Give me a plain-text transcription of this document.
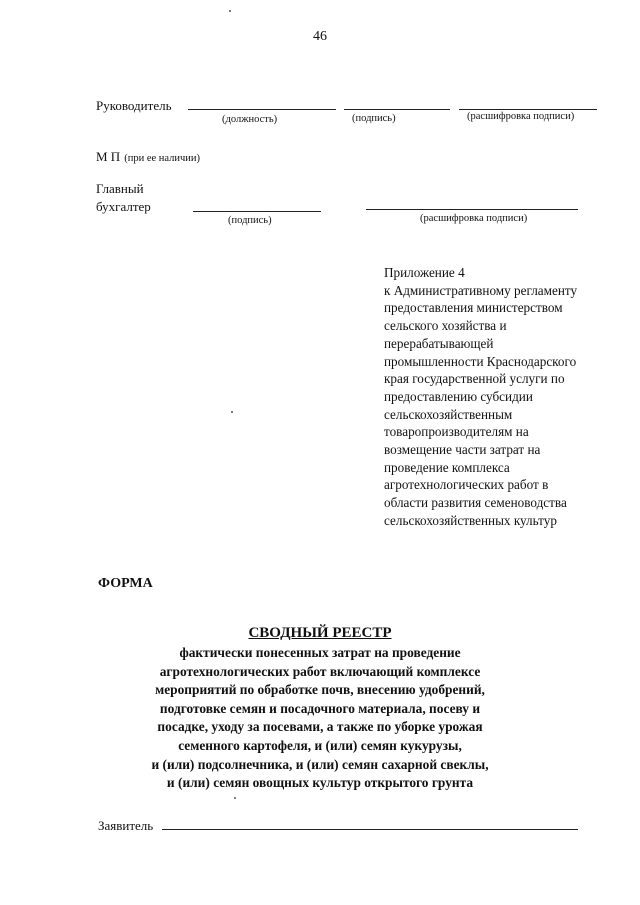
46
Руководитель
(должность)	(подпись)	(расшифровка подписи)
М П (при ее наличии)
Главный
бухгалтер
(подпись)	(расшифровка подписи)
Приложение 4
к Административному регламенту
предоставления министерством
сельского хозяйства и
перерабатывающей
промышленности Краснодарского
края государственной услуги по
предоставлению субсидии
сельскохозяйственным
товаропроизводителям на
возмещение части затрат на
проведение комплекса
агротехнологических работ в
области развития семеноводства
сельскохозяйственных культур
ФОРМА
СВОДНЫЙ РЕЕСТР
фактически понесенных затрат на проведение
агротехнологических работ включающий комплексе
мероприятий по обработке почв, внесению удобрений,
подготовке семян и посадочного материала, посеву и
посадке, уходу за посевами, а также по уборке урожая
семенного картофеля, и (или) семян кукурузы,
и (или) подсолнечника, и (или) семян сахарной свеклы,
и (или) семян овощных культур открытого грунта
Заявитель
